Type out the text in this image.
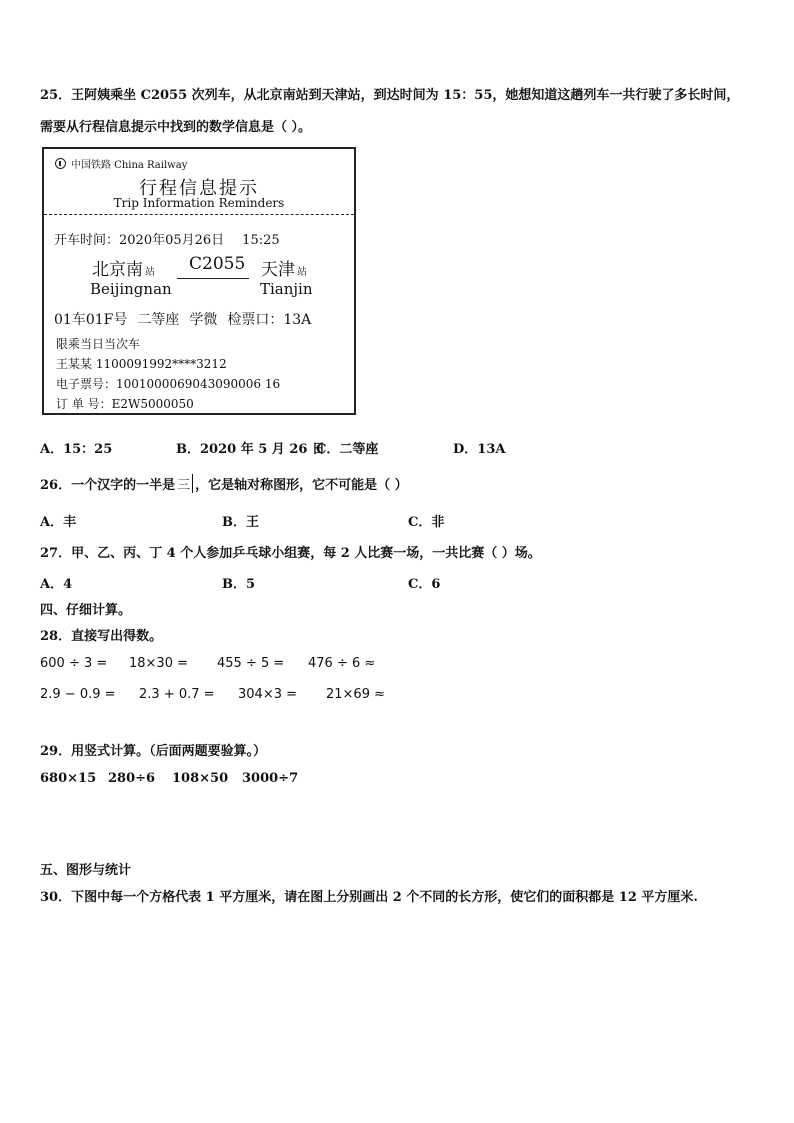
25．王阿姨乘坐 C2055 次列车，从北京南站到天津站，到达时间为 15：55，她想知道这趟列车一共行驶了多长时间，
需要从行程信息提示中找到的数学信息是（ ）。
中国铁路 China Railway
行程信息提示
Trip Information Reminders
开车时间：2020年05月26日 15:25
北京南 站 C2055 天津 站
Beijingnan	Tianjin
01车01F号 二等座 学微 检票口：13A
限乘当日当次车
王某某 1100091992****3212
电子票号：1001000069043090006 16
订 单 号：E2W5000050
A．15：25	B．2020 年 5 月 26 日
C．二等座	D．13A
26．一个汉字的一半是 三 ，它是轴对称图形，它不可能是（ ）
A．丰	B．王	C．非
27．甲、乙、丙、丁 4 个人参加乒乓球小组赛，每 2 人比赛一场，一共比赛（ ）场。
A．4	B．5	C．6
四、仔细计算。
28．直接写出得数。
600 ÷ 3 = 18×30 = 455 ÷ 5 = 476 ÷ 6 ≈
2.9 − 0.9 = 2.3 + 0.7 = 304×3 = 21×69 ≈
29．用竖式计算。（后面两题要验算。）
680×15 280÷6 108×50 3000÷7
五、图形与统计
30．下图中每一个方格代表 1 平方厘米，请在图上分别画出 2 个不同的长方形，使它们的面积都是 12 平方厘米.
